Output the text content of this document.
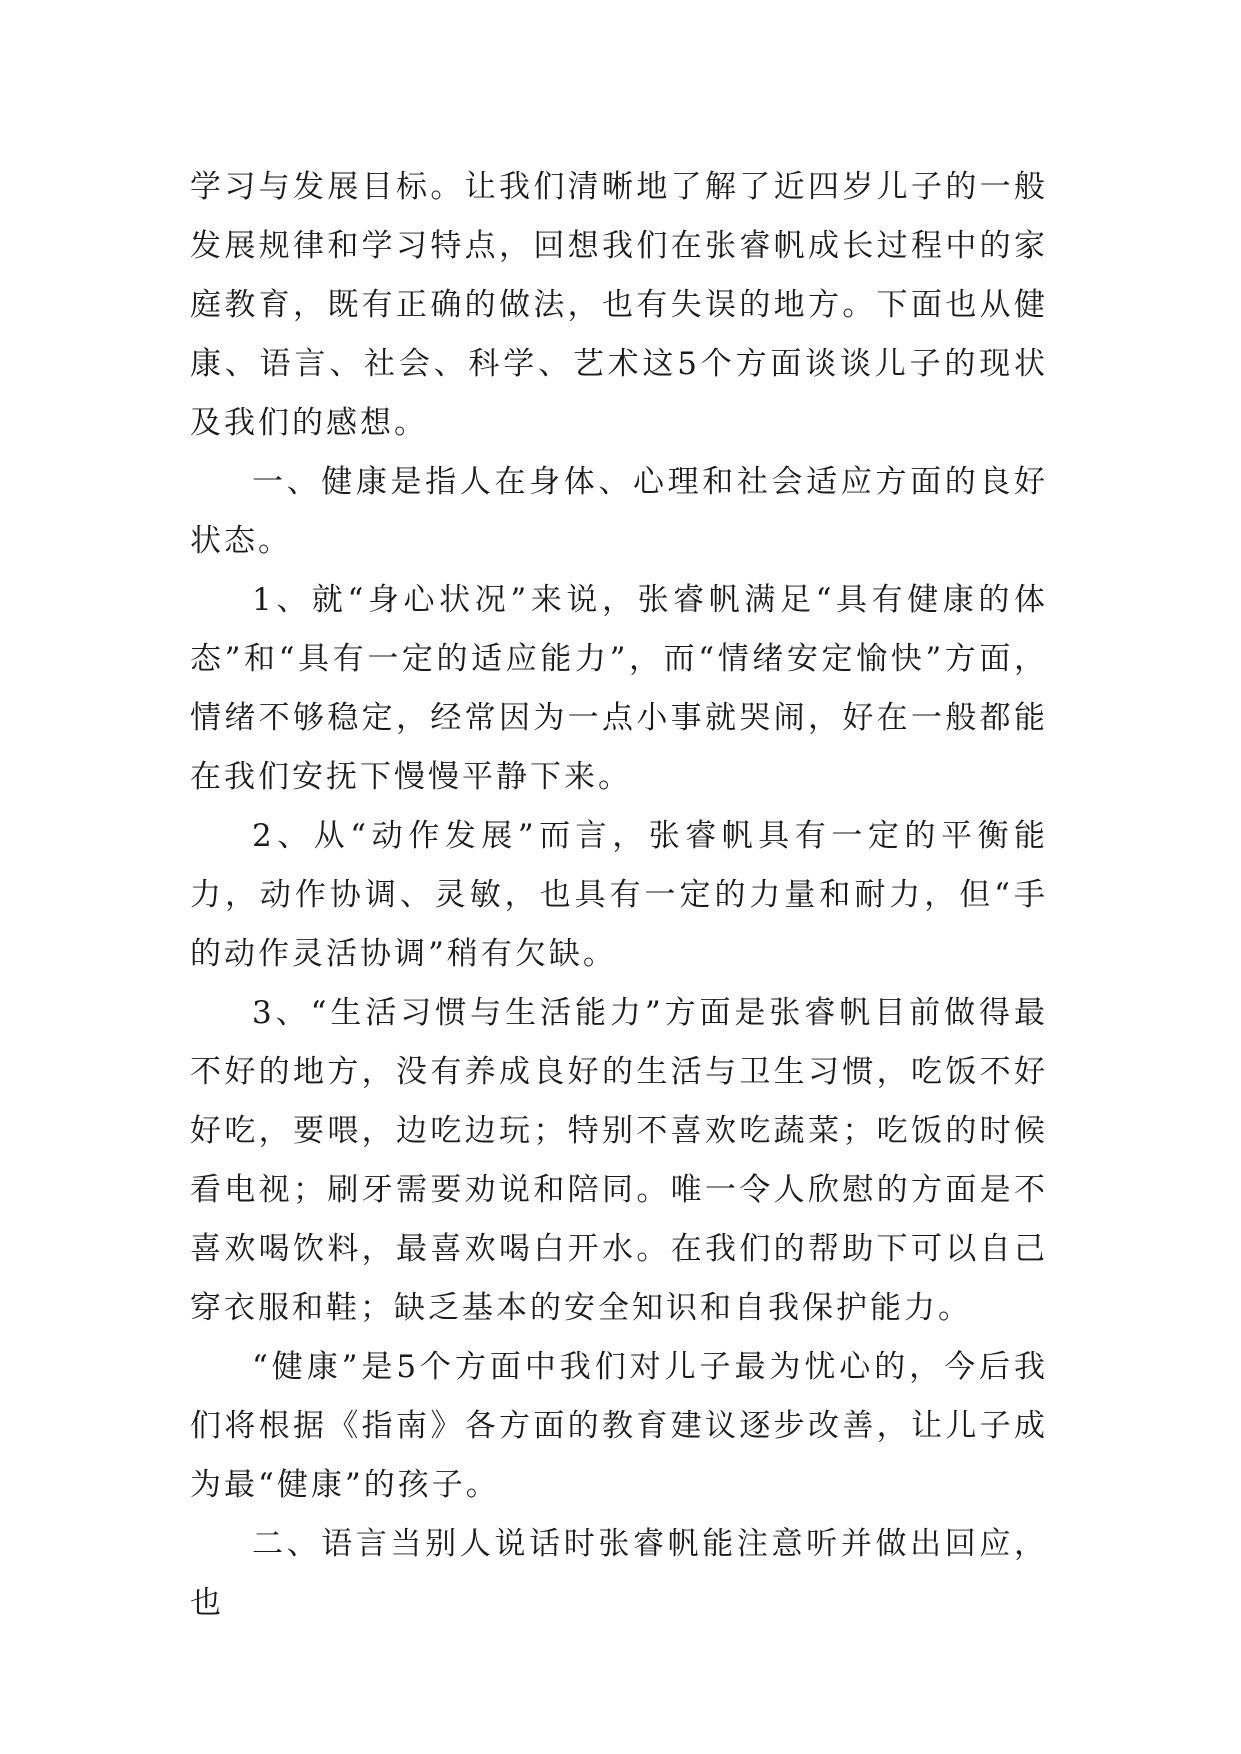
学习与发展目标。让我们清晰地了解了近四岁儿子的一般发展规律和学习特点，回想我们在张睿帆成长过程中的家庭教育，既有正确的做法，也有失误的地方。下面也从健康、语言、社会、科学、艺术这5个方面谈谈儿子的现状及我们的感想。

一、健康是指人在身体、心理和社会适应方面的良好状态。

1、就“身心状况”来说，张睿帆满足“具有健康的体态”和“具有一定的适应能力”，而“情绪安定愉快”方面，情绪不够稳定，经常因为一点小事就哭闹，好在一般都能在我们安抚下慢慢平静下来。

2、从“动作发展”而言，张睿帆具有一定的平衡能力，动作协调、灵敏，也具有一定的力量和耐力，但“手的动作灵活协调”稍有欠缺。

3、“生活习惯与生活能力”方面是张睿帆目前做得最不好的地方，没有养成良好的生活与卫生习惯，吃饭不好好吃，要喂，边吃边玩；特别不喜欢吃蔬菜；吃饭的时候看电视；刷牙需要劝说和陪同。唯一令人欣慰的方面是不喜欢喝饮料，最喜欢喝白开水。在我们的帮助下可以自己穿衣服和鞋；缺乏基本的安全知识和自我保护能力。

“健康”是5个方面中我们对儿子最为忧心的，今后我们将根据《指南》各方面的教育建议逐步改善，让儿子成为最“健康”的孩子。

二、语言当别人说话时张睿帆能注意听并做出回应，也
